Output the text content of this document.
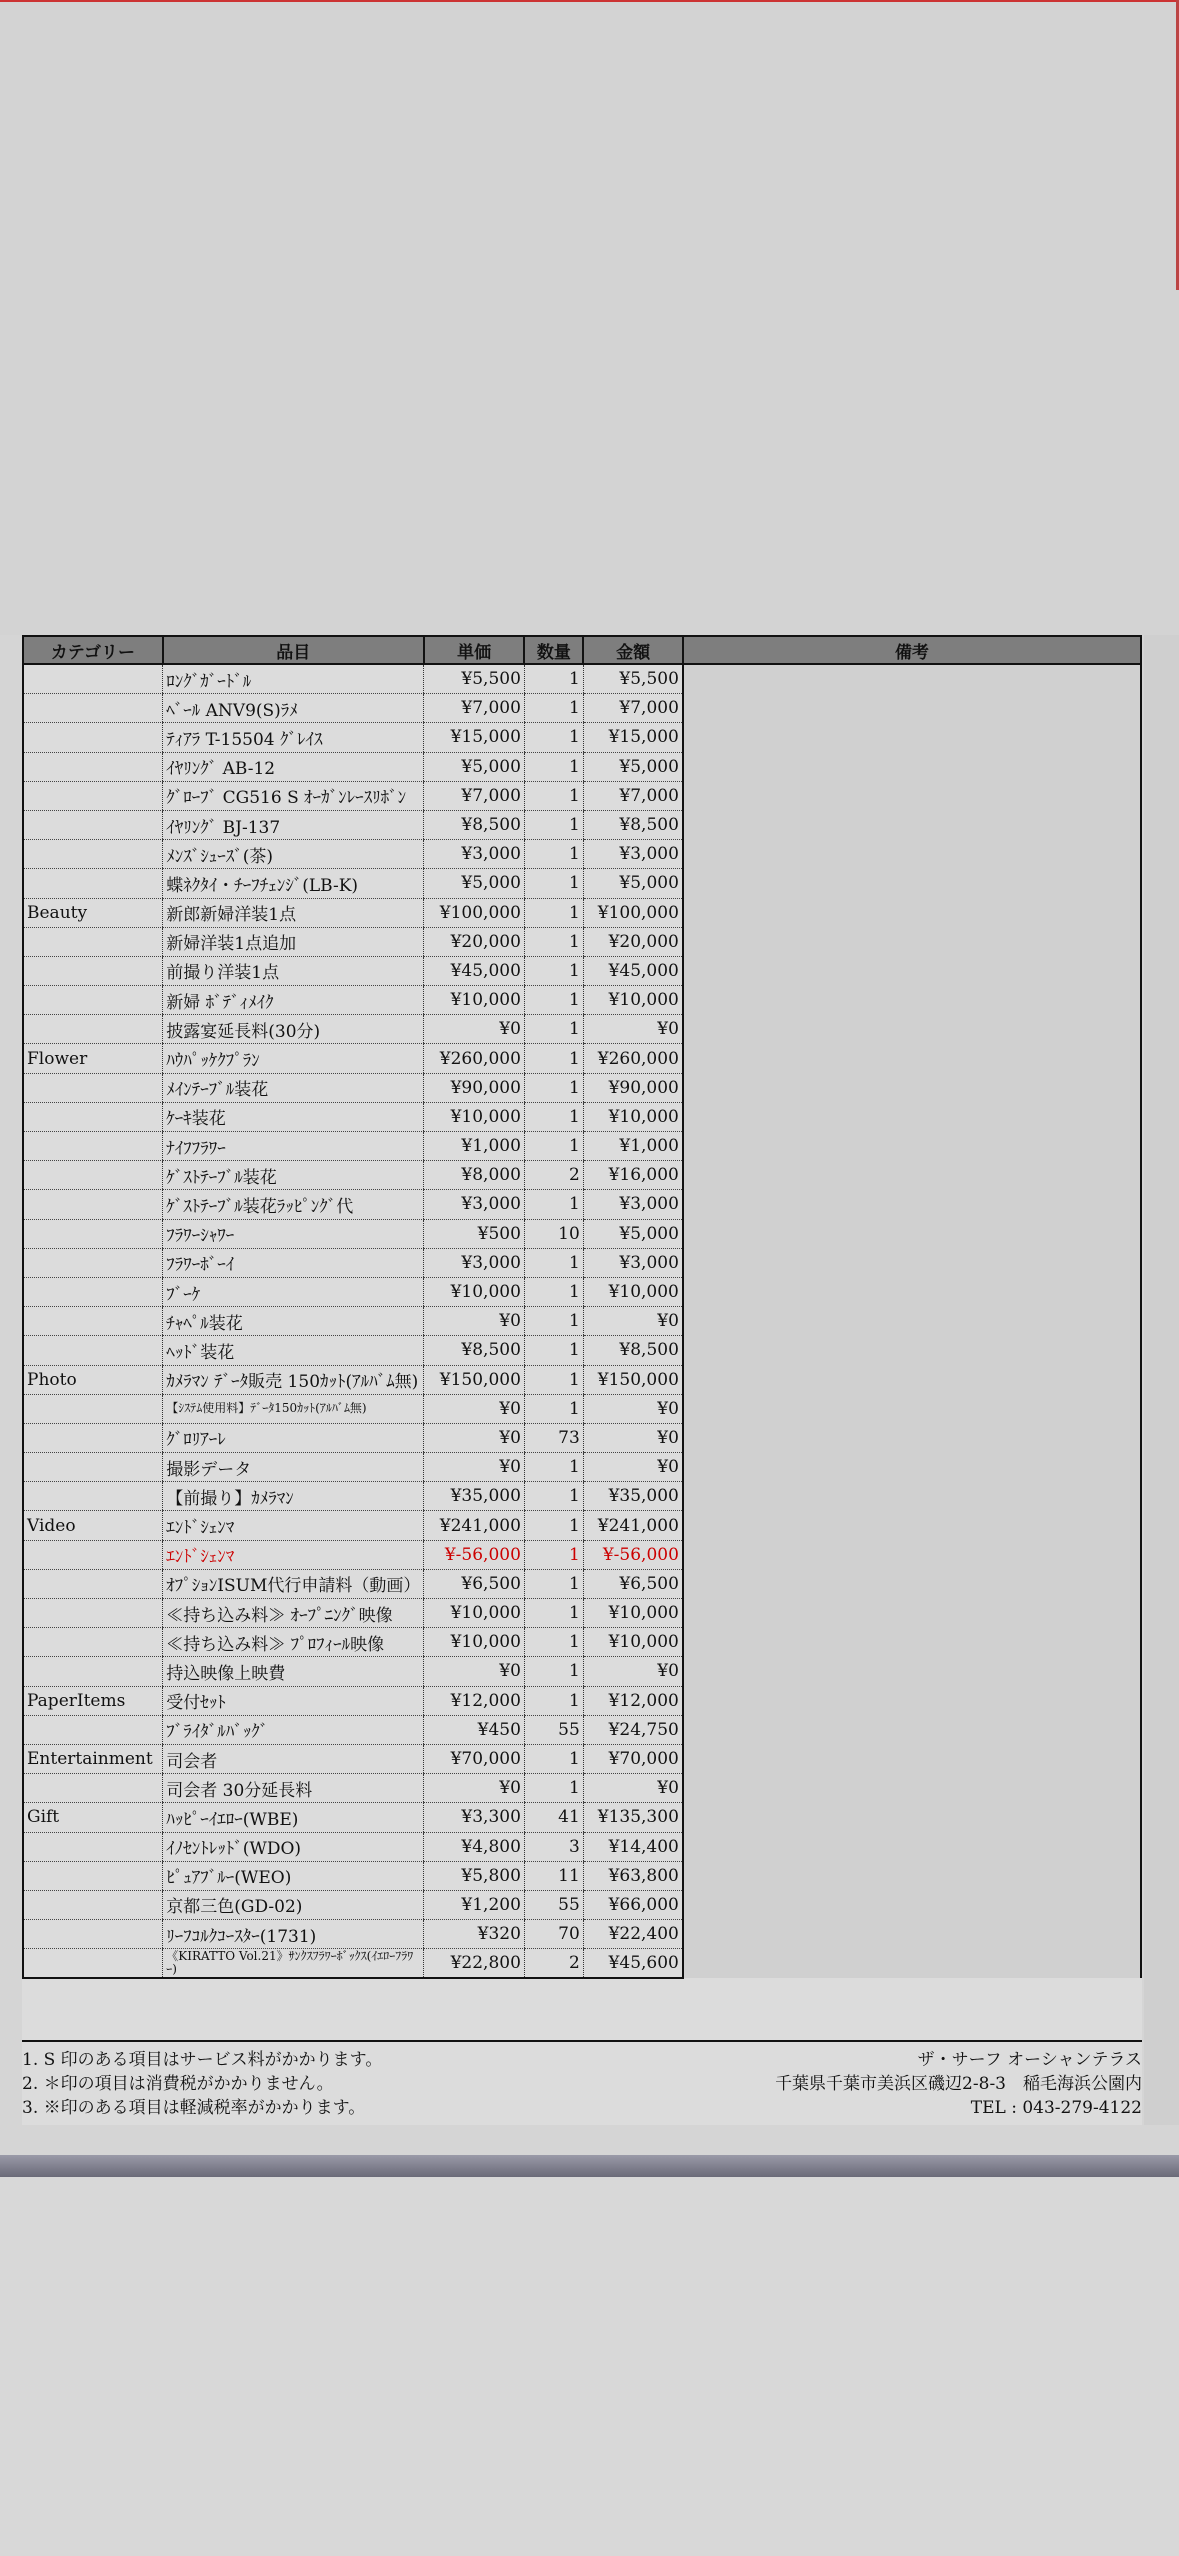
カテゴリー	品目	単価	数量	金額	備考
	ﾛﾝｸﾞｶﾞｰﾄﾞﾙ	¥5,500	1	¥5,500	
	ﾍﾞｰﾙ ANV9(S)ﾗﾒ	¥7,000	1	¥7,000	
	ﾃｨｱﾗ T-15504 ｸﾞﾚｲｽ	¥15,000	1	¥15,000	
	ｲﾔﾘﾝｸﾞ AB-12	¥5,000	1	¥5,000	
	ｸﾞﾛｰﾌﾞ CG516 S ｵｰｶﾞﾝﾚｰｽﾘﾎﾞﾝ	¥7,000	1	¥7,000	
	ｲﾔﾘﾝｸﾞ BJ-137	¥8,500	1	¥8,500	
	ﾒﾝｽﾞｼｭｰｽﾞ(茶)	¥3,000	1	¥3,000	
	蝶ﾈｸﾀｲ・ﾁｰﾌﾁｪﾝｼﾞ(LB-K)	¥5,000	1	¥5,000	
Beauty	新郎新婦洋装1点	¥100,000	1	¥100,000	
	新婦洋装1点追加	¥20,000	1	¥20,000	
	前撮り洋装1点	¥45,000	1	¥45,000	
	新婦 ﾎﾞﾃﾞｨﾒｲｸ	¥10,000	1	¥10,000	
	披露宴延長料(30分)	¥0	1	¥0	
Flower	ﾊｳﾊﾟｯｹｸﾌﾟﾗﾝ	¥260,000	1	¥260,000	
	ﾒｲﾝﾃｰﾌﾞﾙ装花	¥90,000	1	¥90,000	
	ｹｰｷ装花	¥10,000	1	¥10,000	
	ﾅｲﾌﾌﾗﾜｰ	¥1,000	1	¥1,000	
	ｹﾞｽﾄﾃｰﾌﾞﾙ装花	¥8,000	2	¥16,000	
	ｹﾞｽﾄﾃｰﾌﾞﾙ装花ﾗｯﾋﾟﾝｸﾞ代	¥3,000	1	¥3,000	
	ﾌﾗﾜｰｼｬﾜｰ	¥500	10	¥5,000	
	ﾌﾗﾜｰﾎﾞｰｲ	¥3,000	1	¥3,000	
	ﾌﾞｰｹ	¥10,000	1	¥10,000	
	ﾁｬﾍﾟﾙ装花	¥0	1	¥0	
	ﾍｯﾄﾞ装花	¥8,500	1	¥8,500	
Photo	ｶﾒﾗﾏﾝ ﾃﾞｰﾀ販売 150ｶｯﾄ(ｱﾙﾊﾞﾑ無)	¥150,000	1	¥150,000	
	【ｼｽﾃﾑ使用料】ﾃﾞｰﾀ150ｶｯﾄ(ｱﾙﾊﾞﾑ無)	¥0	1	¥0	
	ｸﾞﾛﾘｱｰﾚ	¥0	73	¥0	
	撮影データ	¥0	1	¥0	
	【前撮り】ｶﾒﾗﾏﾝ	¥35,000	1	¥35,000	
Video	ｴﾝﾄﾞｼｪﾝﾏ	¥241,000	1	¥241,000	
	ｴﾝﾄﾞｼｪﾝﾏ	¥-56,000	1	¥-56,000	
	ｵﾌﾟｼｮﾝISUM代行申請料（動画）	¥6,500	1	¥6,500	
	≪持ち込み料≫ ｵｰﾌﾟﾆﾝｸﾞ映像	¥10,000	1	¥10,000	
	≪持ち込み料≫ ﾌﾟﾛﾌｨｰﾙ映像	¥10,000	1	¥10,000	
	持込映像上映費	¥0	1	¥0	
PaperItems	受付ｾｯﾄ	¥12,000	1	¥12,000	
	ﾌﾞﾗｲﾀﾞﾙﾊﾞｯｸﾞ	¥450	55	¥24,750	
Entertainment	司会者	¥70,000	1	¥70,000	
	司会者 30分延長料	¥0	1	¥0	
Gift	ﾊｯﾋﾟｰｲｴﾛｰ(WBE)	¥3,300	41	¥135,300	
	ｲﾉｾﾝﾄﾚｯﾄﾞ(WDO)	¥4,800	3	¥14,400	
	ﾋﾟｭｱﾌﾞﾙｰ(WEO)	¥5,800	11	¥63,800	
	京都三色(GD-02)	¥1,200	55	¥66,000	
	ﾘｰﾌｺﾙｸｺｰｽﾀｰ(1731)	¥320	70	¥22,400	
	《KIRATTO Vol.21》ｻﾝｸｽﾌﾗﾜｰﾎﾞｯｸｽ(ｲｴﾛｰﾌﾗﾜｰ)	¥22,800	2	¥45,600	
1. S 印のある項目はサービス料がかかります。
2. ＊印の項目は消費税がかかりません。
3. ※印のある項目は軽減税率がかかります。
ザ・サーフ オーシャンテラス
千葉県千葉市美浜区磯辺2-8-3　稲毛海浜公園内
TEL : 043-279-4122
